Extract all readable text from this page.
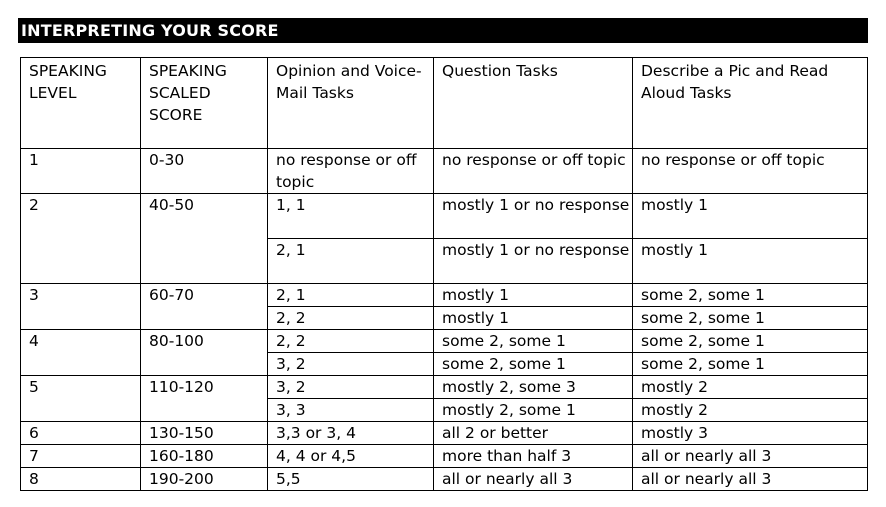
INTERPRETING YOUR SCORE
SPEAKING LEVEL	SPEAKING SCALED SCORE	Opinion and Voice-Mail Tasks	Question Tasks	Describe a Pic and Read Aloud Tasks
1	0-30	no response or off topic	no response or off topic	no response or off topic
2	40-50	1, 1	mostly 1 or no response	mostly 1
		2, 1	mostly 1 or no response	mostly 1
3	60-70	2, 1	mostly 1	some 2, some 1
		2, 2	mostly 1	some 2, some 1
4	80-100	2, 2	some 2, some 1	some 2, some 1
		3, 2	some 2, some 1	some 2, some 1
5	110-120	3, 2	mostly 2, some 3	mostly 2
		3, 3	mostly 2, some 1	mostly 2
6	130-150	3,3 or 3, 4	all 2 or better	mostly 3
7	160-180	4, 4 or 4,5	more than half 3	all or nearly all 3
8	190-200	5,5	all or nearly all 3	all or nearly all 3
